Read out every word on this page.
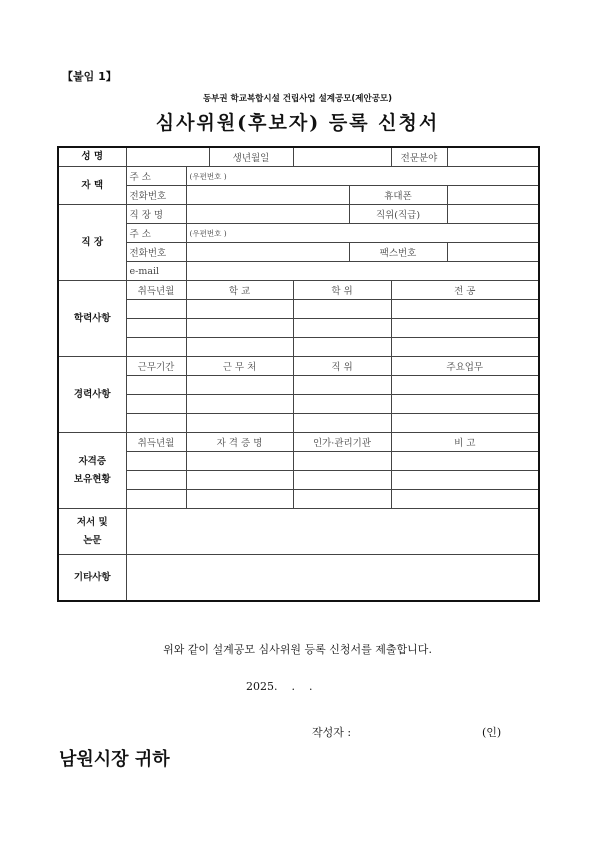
【붙임 1】
동부권 학교복합시설 건립사업 설계공모(제안공모)
심사위원(후보자) 등록 신청서
성 명			생년월일			전문분야	
자 택	주 소	(우편번호 )					
	전화번호				휴대폰		
직 장	직 장 명				직위(직급)		
	주 소	(우편번호 )					
	전화번호				팩스번호		
	e-mail						
학력사항	취득년월	학 교		학 위		전 공	

경력사항	근무기간	근 무 처		직 위		주요업무	

자격증
보유현황	취득년월	자 격 증 명		인가·관리기관		비 고	

저서 및
논문							
기타사항							
위와 같이 설계공모 심사위원 등록 신청서를 제출합니다.
2025.    .    .
작성자 :	(인)
남원시장 귀하
